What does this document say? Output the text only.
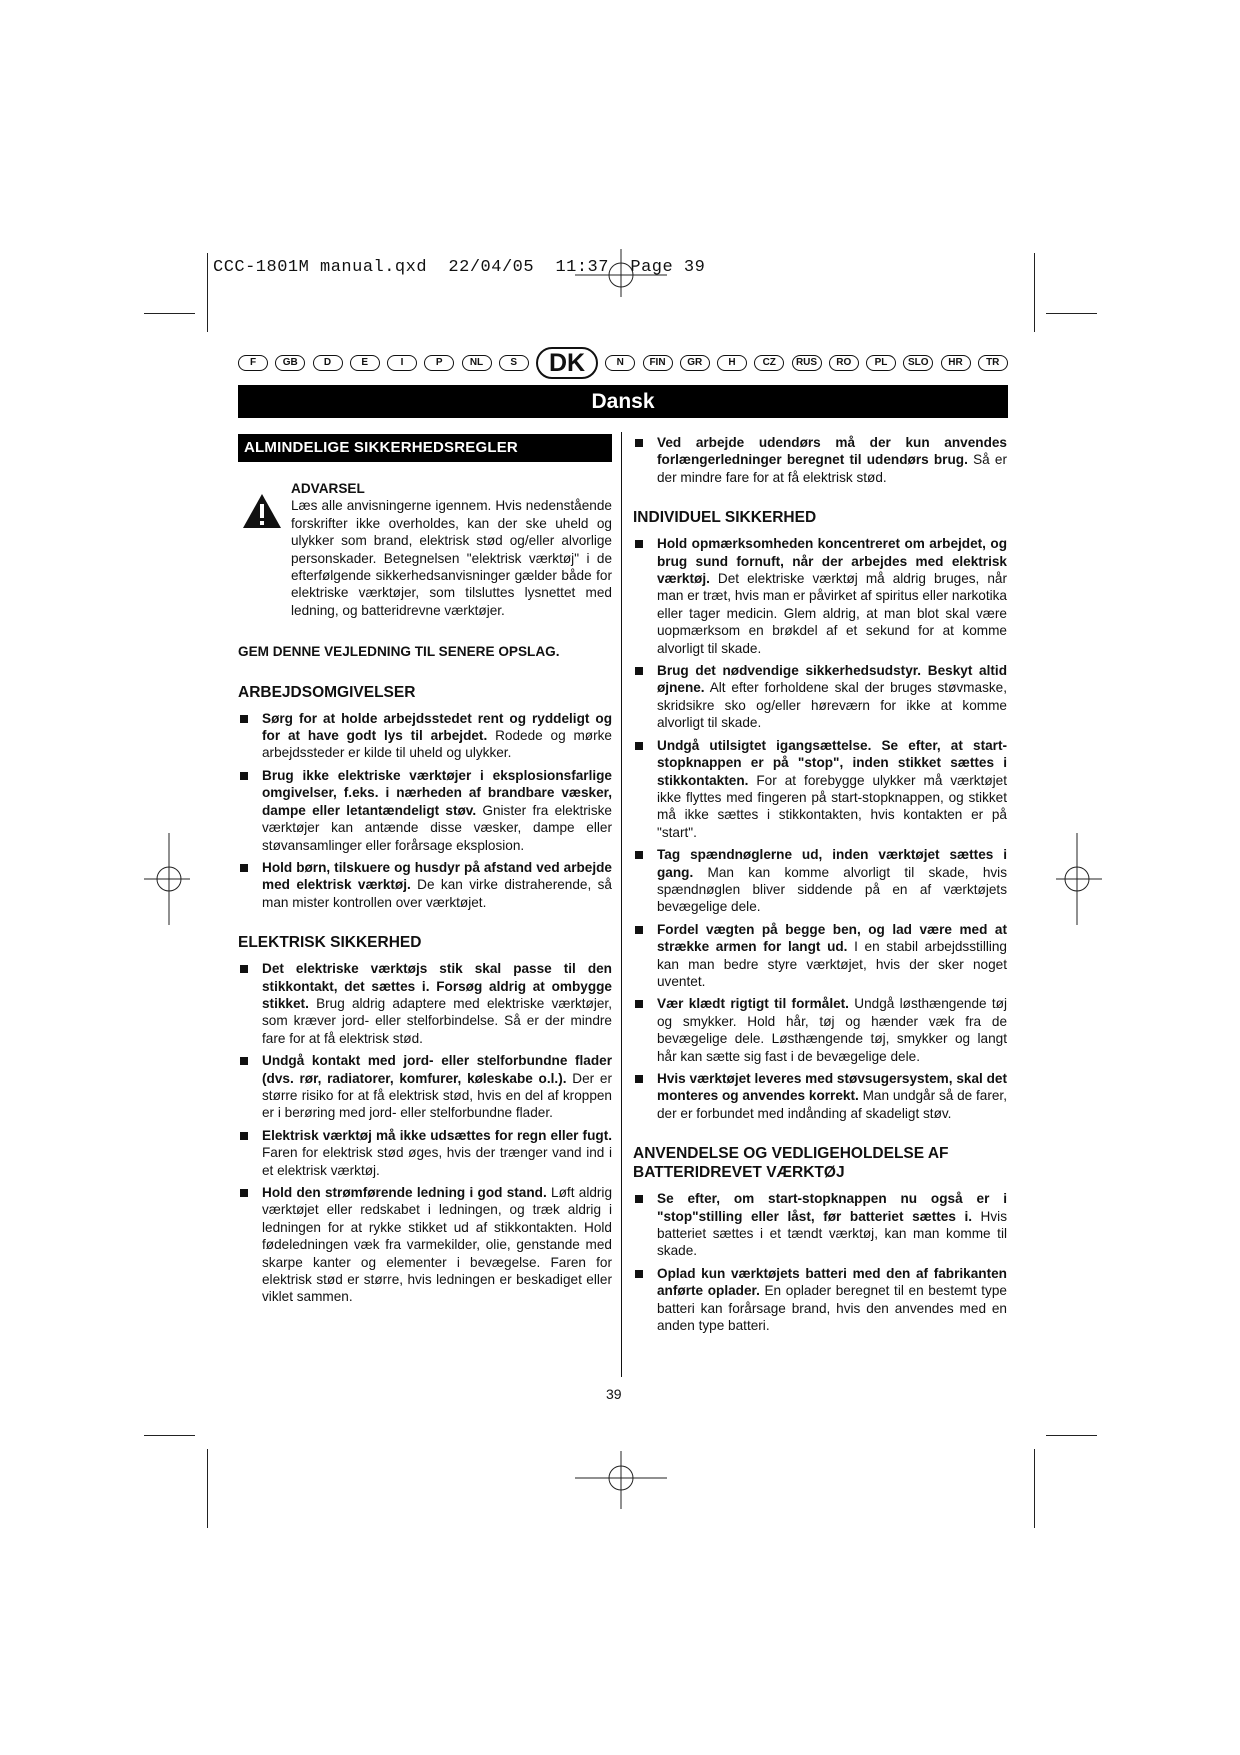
CCC-1801M manual.qxd  22/04/05  11:37  Page 39
F	GB	D	E	I	P	NL	S	DK	N	FIN	GR	H	CZ	RUS	RO	PL	SLO	HR	TR
Dansk
ALMINDELIGE SIKKERHEDSREGLER
ADVARSEL
Læs alle anvisningerne igennem. Hvis nedenstående forskrifter ikke overholdes, kan der ske uheld og ulykker som brand, elektrisk stød og/eller alvorlige personskader. Betegnelsen "elektrisk værktøj" i de efterfølgende sikkerhedsanvisninger gælder både for elektriske værktøjer, som tilsluttes lysnettet med ledning, og batteridrevne værktøjer.
GEM DENNE VEJLEDNING TIL SENERE OPSLAG.
ARBEJDSOMGIVELSER
Sørg for at holde arbejdsstedet rent og ryddeligt og for at have godt lys til arbejdet. Rodede og mørke arbejdssteder er kilde til uheld og ulykker.
Brug ikke elektriske værktøjer i eksplosionsfarlige omgivelser, f.eks. i nærheden af brandbare væsker, dampe eller letantændeligt støv. Gnister fra elektriske værktøjer kan antænde disse væsker, dampe eller støvansamlinger eller forårsage eksplosion.
Hold børn, tilskuere og husdyr på afstand ved arbejde med elektrisk værktøj. De kan virke distraherende, så man mister kontrollen over værktøjet.
ELEKTRISK SIKKERHED
Det elektriske værktøjs stik skal passe til den stikkontakt, det sættes i. Forsøg aldrig at ombygge stikket. Brug aldrig adaptere med elektriske værktøjer, som kræver jord- eller stelforbindelse. Så er der mindre fare for at få elektrisk stød.
Undgå kontakt med jord- eller stelforbundne flader (dvs. rør, radiatorer, komfurer, køleskabe o.l.). Der er større risiko for at få elektrisk stød, hvis en del af kroppen er i berøring med jord- eller stelforbundne flader.
Elektrisk værktøj må ikke udsættes for regn eller fugt. Faren for elektrisk stød øges, hvis der trænger vand ind i et elektrisk værktøj.
Hold den strømførende ledning i god stand. Løft aldrig værktøjet eller redskabet i ledningen, og træk aldrig i ledningen for at rykke stikket ud af stikkontakten. Hold fødeledningen væk fra varmekilder, olie, genstande med skarpe kanter og elementer i bevægelse. Faren for elektrisk stød er større, hvis ledningen er beskadiget eller viklet sammen.
Ved arbejde udendørs må der kun anvendes forlængerledninger beregnet til udendørs brug. Så er der mindre fare for at få elektrisk stød.
INDIVIDUEL SIKKERHED
Hold opmærksomheden koncentreret om arbejdet, og brug sund fornuft, når der arbejdes med elektrisk værktøj. Det elektriske værktøj må aldrig bruges, når man er træt, hvis man er påvirket af spiritus eller narkotika eller tager medicin. Glem aldrig, at man blot skal være uopmærksom en brøkdel af et sekund for at komme alvorligt til skade.
Brug det nødvendige sikkerhedsudstyr. Beskyt altid øjnene. Alt efter forholdene skal der bruges støvmaske, skridsikre sko og/eller høreværn for ikke at komme alvorligt til skade.
Undgå utilsigtet igangsættelse. Se efter, at start-stopknappen er på "stop", inden stikket sættes i stikkontakten. For at forebygge ulykker må værktøjet ikke flyttes med fingeren på start-stopknappen, og stikket må ikke sættes i stikkontakten, hvis kontakten er på "start".
Tag spændnøglerne ud, inden værktøjet sættes i gang. Man kan komme alvorligt til skade, hvis spændnøglen bliver siddende på en af værktøjets bevægelige dele.
Fordel vægten på begge ben, og lad være med at strække armen for langt ud. I en stabil arbejdsstilling kan man bedre styre værktøjet, hvis der sker noget uventet.
Vær klædt rigtigt til formålet. Undgå løsthængende tøj og smykker. Hold hår, tøj og hænder væk fra de bevægelige dele. Løsthængende tøj, smykker og langt hår kan sætte sig fast i de bevægelige dele.
Hvis værktøjet leveres med støvsugersystem, skal det monteres og anvendes korrekt. Man undgår så de farer, der er forbundet med indånding af skadeligt støv.
ANVENDELSE OG VEDLIGEHOLDELSE AF BATTERIDREVET VÆRKTØJ
Se efter, om start-stopknappen nu også er i "stop"stilling eller låst, før batteriet sættes i. Hvis batteriet sættes i et tændt værktøj, kan man komme til skade.
Oplad kun værktøjets batteri med den af fabrikanten anførte oplader. En oplader beregnet til en bestemt type batteri kan forårsage brand, hvis den anvendes med en anden type batteri.
39
